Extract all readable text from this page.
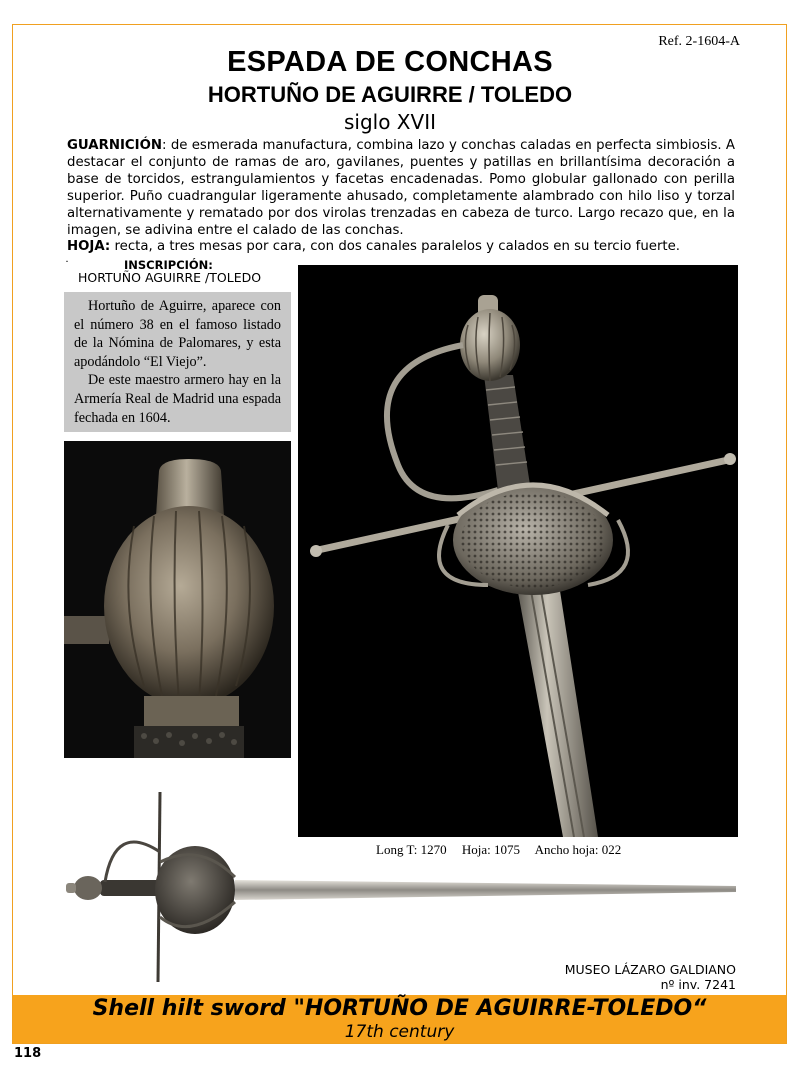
Ref. 2-1604-A
ESPADA DE CONCHAS
HORTUÑO DE AGUIRRE / TOLEDO
siglo XVII

GUARNICIÓN: de esmerada manufactura, combina lazo y conchas caladas en perfecta simbiosis. A destacar el conjunto de ramas de aro, gavilanes, puentes y patillas en brillantísima decoración a base de torcidos, estrangulamientos y facetas encadenadas. Pomo globular gallonado con perilla superior. Puño cuadrangular ligeramente ahusado, completamente alambrado con hilo liso y torzal alternativamente y rematado por dos virolas trenzadas en cabeza de turco. Largo recazo que, en la imagen, se adivina entre el calado de las conchas.

HOJA: recta, a tres mesas por cara, con dos canales paralelos y calados en su tercio fuerte.

·	INSCRIPCIÓN:
HORTUÑO AGUIRRE /TOLEDO

Hortuño de Aguirre, aparece con el número 38 en el famoso listado de la Nómina de Palomares, y esta apodándolo “El Viejo”.

De este maestro armero hay en la Armería Real de Madrid una espada fechada en 1604.

Long T: 1270 Hoja: 1075 Ancho hoja: 022
MUSEO LÁZARO GALDIANO
nº inv. 7241
Shell hilt sword "HORTUÑO DE AGUIRRE-TOLEDO“
17th century
118
